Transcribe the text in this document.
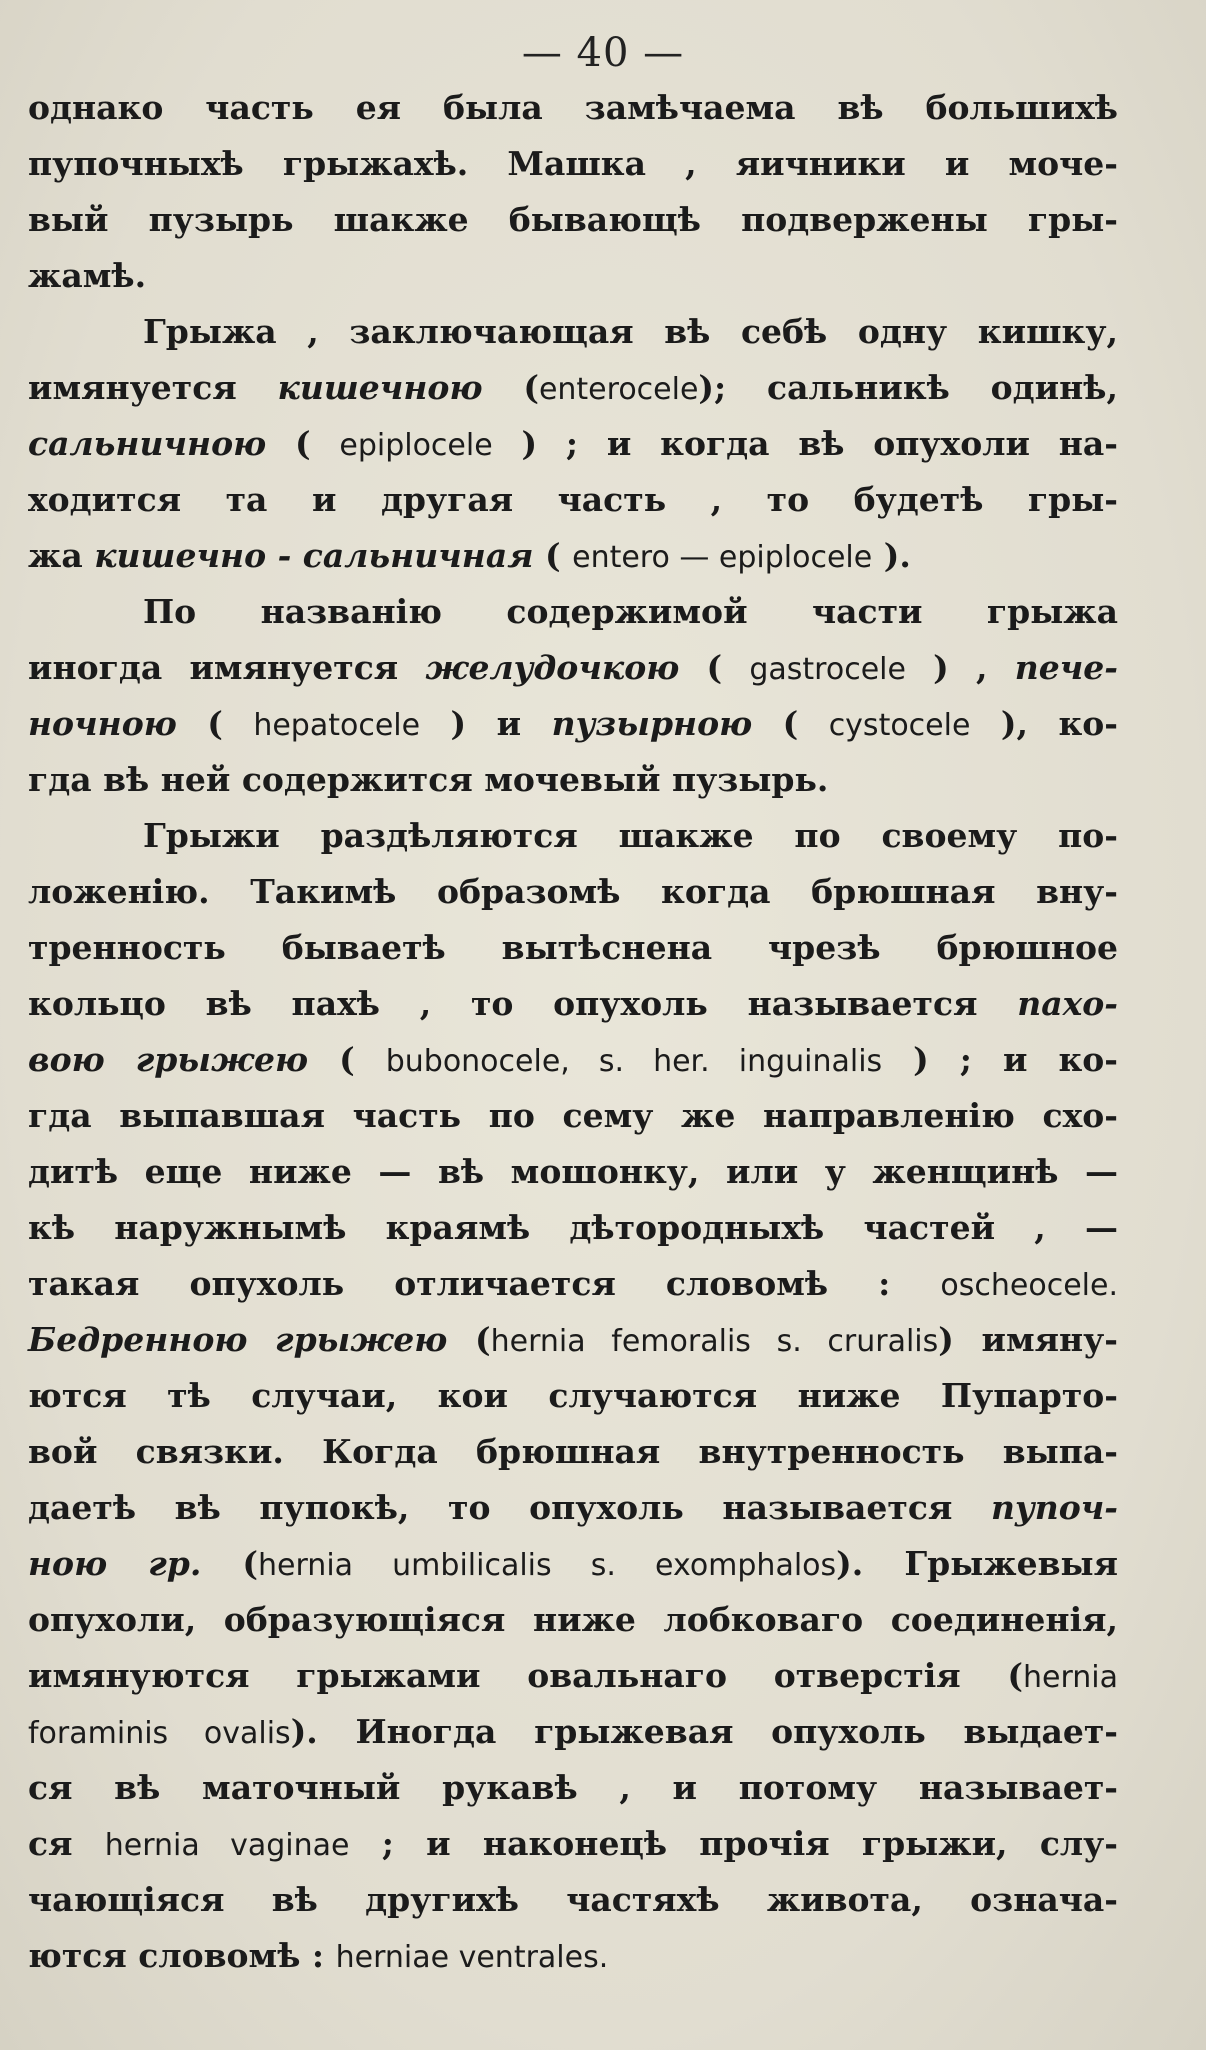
— 40 —

однако часть ея была замѣчаема вѣ большихѣ
пупочныхѣ грыжахѣ. Машка , яичники и моче-
вый пузырь шакже бывающѣ подвержены гры-
жамѣ.

Грыжа , заключающая вѣ себѣ одну кишку,
имянуется кишечною (enterocele); сальникѣ одинѣ,
сальничною ( epiplocele ) ; и когда вѣ опухоли на-
ходится та и другая часть , то будетѣ гры-
жа кишечно - сальничная ( entero — epiplocele ).

По названію содержимой части грыжа
иногда имянуется желудочкою ( gastrocele ) , пече-
ночною ( hepatocele ) и пузырною ( cystocele ), ко-
гда вѣ ней содержится мочевый пузырь.

Грыжи раздѣляются шакже по своему по-
ложенію. Такимѣ образомѣ когда брюшная вну-
тренность бываетѣ вытѣснена чрезѣ брюшное
кольцо вѣ пахѣ , то опухоль называется пахо-
вою грыжею ( bubonocele, s. her. inguinalis ) ; и ко-
гда выпавшая часть по сему же направленію схо-
дитѣ еще ниже — вѣ мошонку, или у женщинѣ —
кѣ наружнымѣ краямѣ дѣтородныхѣ частей , —
такая опухоль отличается словомѣ : oscheocele.
Бедренною грыжею (hernia femoralis s. cruralis) имяну-
ются тѣ случаи, кои случаются ниже Пупарто-
вой связки. Когда брюшная внутренность выпа-
даетѣ вѣ пупокѣ, то опухоль называется пупоч-
ною гр. (hernia umbilicalis s. exomphalos). Грыжевыя
опухоли, образующіяся ниже лобковаго соединенія,
имянуются грыжами овальнаго отверстія (hernia
foraminis ovalis). Иногда грыжевая опухоль выдает-
ся вѣ маточный рукавѣ , и потому называет-
ся hernia vaginae ; и наконецѣ прочія грыжи, слу-
чающіяся вѣ другихѣ частяхѣ живота, означа-
ются словомѣ : herniae ventrales.
